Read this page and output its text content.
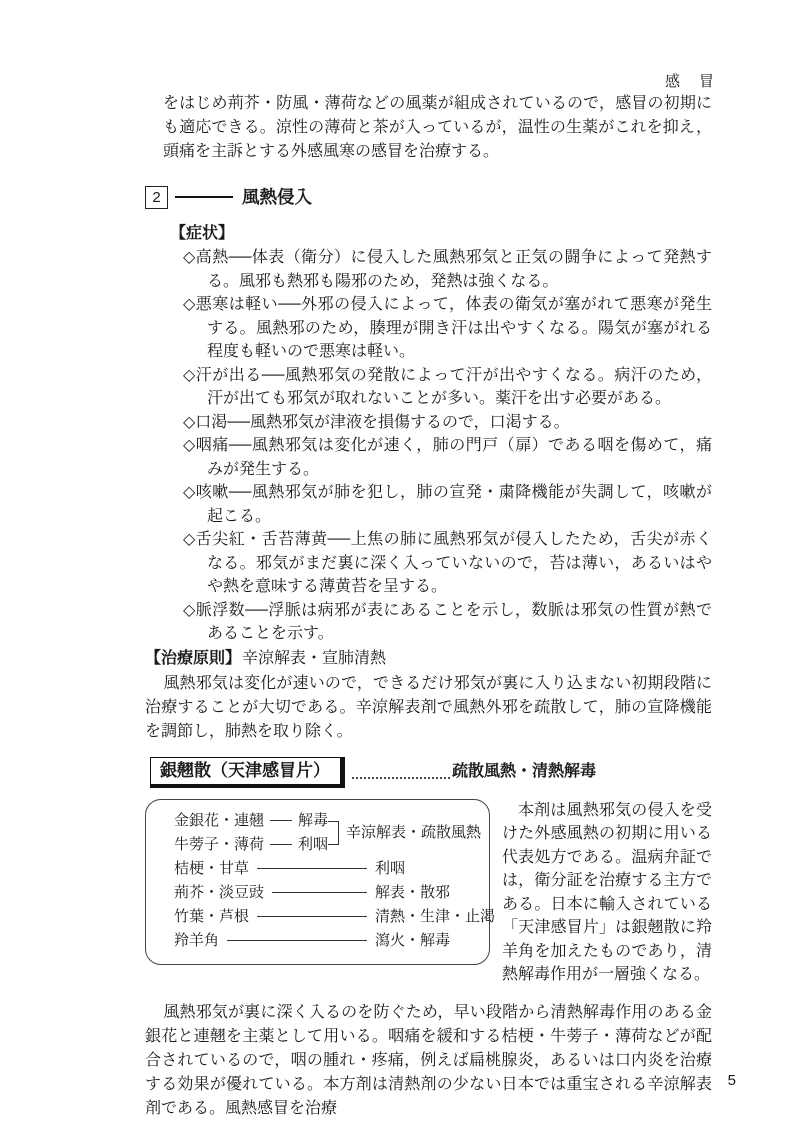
感　冒

をはじめ荊芥・防風・薄荷などの風薬が組成されているので，感冒の初期にも適応できる。涼性の薄荷と茶が入っているが，温性の生薬がこれを抑え，頭痛を主訴とする外感風寒の感冒を治療する。

2	風熱侵入
【症状】
◇高熱──体表（衛分）に侵入した風熱邪気と正気の闘争によって発熱する。風邪も熱邪も陽邪のため，発熱は強くなる。
◇悪寒は軽い──外邪の侵入によって，体表の衛気が塞がれて悪寒が発生する。風熱邪のため，腠理が開き汗は出やすくなる。陽気が塞がれる程度も軽いので悪寒は軽い。
◇汗が出る──風熱邪気の発散によって汗が出やすくなる。病汗のため，汗が出ても邪気が取れないことが多い。薬汗を出す必要がある。
◇口渇──風熱邪気が津液を損傷するので，口渇する。
◇咽痛──風熱邪気は変化が速く，肺の門戸（扉）である咽を傷めて，痛みが発生する。
◇咳嗽──風熱邪気が肺を犯し，肺の宣発・粛降機能が失調して，咳嗽が起こる。
◇舌尖紅・舌苔薄黄──上焦の肺に風熱邪気が侵入したため，舌尖が赤くなる。邪気がまだ裏に深く入っていないので，苔は薄い，あるいはやや熱を意味する薄黄苔を呈する。
◇脈浮数──浮脈は病邪が表にあることを示し，数脈は邪気の性質が熱であることを示す。
【治療原則】辛涼解表・宣肺清熱

風熱邪気は変化が速いので，できるだけ邪気が裏に入り込まない初期段階に治療することが大切である。辛涼解表剤で風熱外邪を疏散して，肺の宣降機能を調節し，肺熱を取り除く。

銀翹散（天津感冒片）	疏散風熱・清熱解毒
金銀花・連翹 解毒
牛蒡子・薄荷 利咽
辛涼解表・疏散風熱
桔梗・甘草	利咽
荊芥・淡豆豉	解表・散邪
竹葉・芦根	清熱・生津・止渇
羚羊角	瀉火・解毒

本剤は風熱邪気の侵入を受けた外感風熱の初期に用いる代表処方である。温病弁証では，衛分証を治療する主方である。日本に輸入されている「天津感冒片」は銀翹散に羚羊角を加えたものであり，清熱解毒作用が一層強くなる。

風熱邪気が裏に深く入るのを防ぐため，早い段階から清熱解毒作用のある金銀花と連翹を主薬として用いる。咽痛を緩和する桔梗・牛蒡子・薄荷などが配合されているので，咽の腫れ・疼痛，例えば扁桃腺炎，あるいは口内炎を治療する効果が優れている。本方剤は清熱剤の少ない日本では重宝される辛涼解表剤である。風熱感冒を治療

5
